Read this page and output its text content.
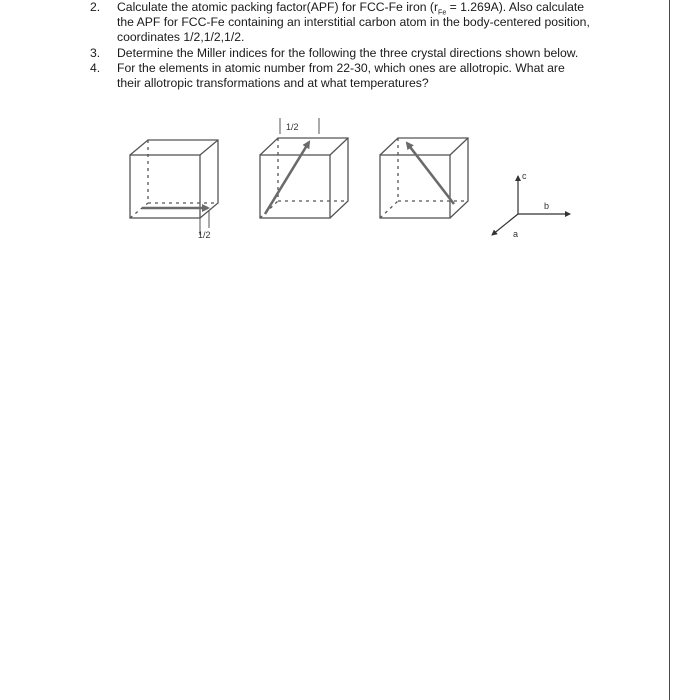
2. Calculate the atomic packing factor(APF) for FCC-Fe iron $(r_{Fe} = 1.269A)$. Also calculate

the APF for FCC-Fe containing an interstitial carbon atom in the body-centered position,

coordinates 1/2,1/2,1/2.

3. Determine the Miller indices for the following the three crystal directions shown below.

4. For the elements in atomic number from 22-30, which ones are allotropic. What are

their allotropic transformations and at what temperatures?

1/2
1/2
c
b
a
